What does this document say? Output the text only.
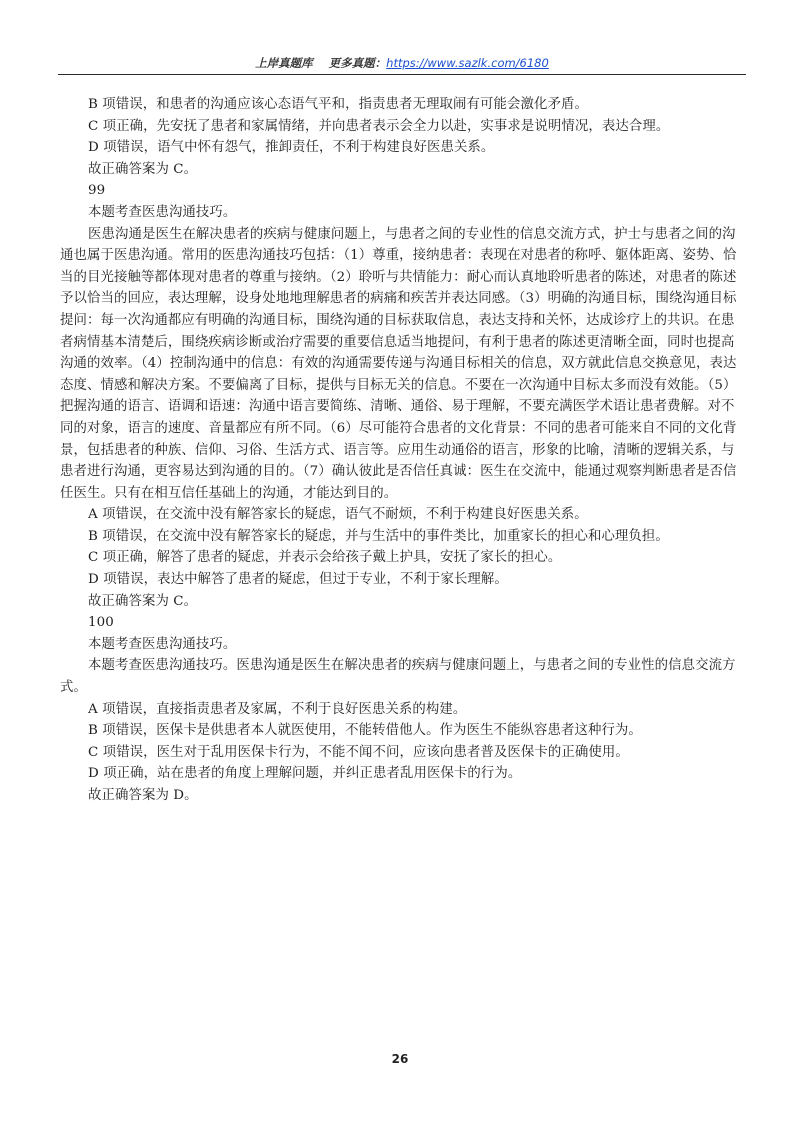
上岸真题库 更多真题：https://www.sazlk.com/6180

B 项错误，和患者的沟通应该心态语气平和，指责患者无理取闹有可能会激化矛盾。

C 项正确，先安抚了患者和家属情绪，并向患者表示会全力以赴，实事求是说明情况，表达合理。

D 项错误，语气中怀有怨气，推卸责任，不利于构建良好医患关系。

故正确答案为 C。

99

本题考查医患沟通技巧。

医患沟通是医生在解决患者的疾病与健康问题上，与患者之间的专业性的信息交流方式，护士与患者之间的沟通也属于医患沟通。常用的医患沟通技巧包括：（1）尊重，接纳患者：表现在对患者的称呼、躯体距离、姿势、恰当的目光接触等都体现对患者的尊重与接纳。（2）聆听与共情能力：耐心而认真地聆听患者的陈述，对患者的陈述予以恰当的回应，表达理解，设身处地地理解患者的病痛和疾苦并表达同感。（3）明确的沟通目标，围绕沟通目标提问：每一次沟通都应有明确的沟通目标，围绕沟通的目标获取信息，表达支持和关怀，达成诊疗上的共识。在患者病情基本清楚后，围绕疾病诊断或治疗需要的重要信息适当地提问，有利于患者的陈述更清晰全面，同时也提高沟通的效率。（4）控制沟通中的信息：有效的沟通需要传递与沟通目标相关的信息，双方就此信息交换意见，表达态度、情感和解决方案。不要偏离了目标，提供与目标无关的信息。不要在一次沟通中目标太多而没有效能。（5）把握沟通的语言、语调和语速：沟通中语言要简练、清晰、通俗、易于理解，不要充满医学术语让患者费解。对不同的对象，语言的速度、音量都应有所不同。（6）尽可能符合患者的文化背景：不同的患者可能来自不同的文化背景，包括患者的种族、信仰、习俗、生活方式、语言等。应用生动通俗的语言，形象的比喻，清晰的逻辑关系，与患者进行沟通，更容易达到沟通的目的。（7）确认彼此是否信任真诚：医生在交流中，能通过观察判断患者是否信任医生。只有在相互信任基础上的沟通，才能达到目的。

A 项错误，在交流中没有解答家长的疑虑，语气不耐烦，不利于构建良好医患关系。

B 项错误，在交流中没有解答家长的疑虑，并与生活中的事件类比，加重家长的担心和心理负担。

C 项正确，解答了患者的疑虑，并表示会给孩子戴上护具，安抚了家长的担心。

D 项错误，表达中解答了患者的疑虑，但过于专业，不利于家长理解。

故正确答案为 C。

100

本题考查医患沟通技巧。

本题考查医患沟通技巧。医患沟通是医生在解决患者的疾病与健康问题上，与患者之间的专业性的信息交流方式。

A 项错误，直接指责患者及家属，不利于良好医患关系的构建。

B 项错误，医保卡是供患者本人就医使用，不能转借他人。作为医生不能纵容患者这种行为。

C 项错误，医生对于乱用医保卡行为，不能不闻不问，应该向患者普及医保卡的正确使用。

D 项正确，站在患者的角度上理解问题，并纠正患者乱用医保卡的行为。

故正确答案为 D。

26
